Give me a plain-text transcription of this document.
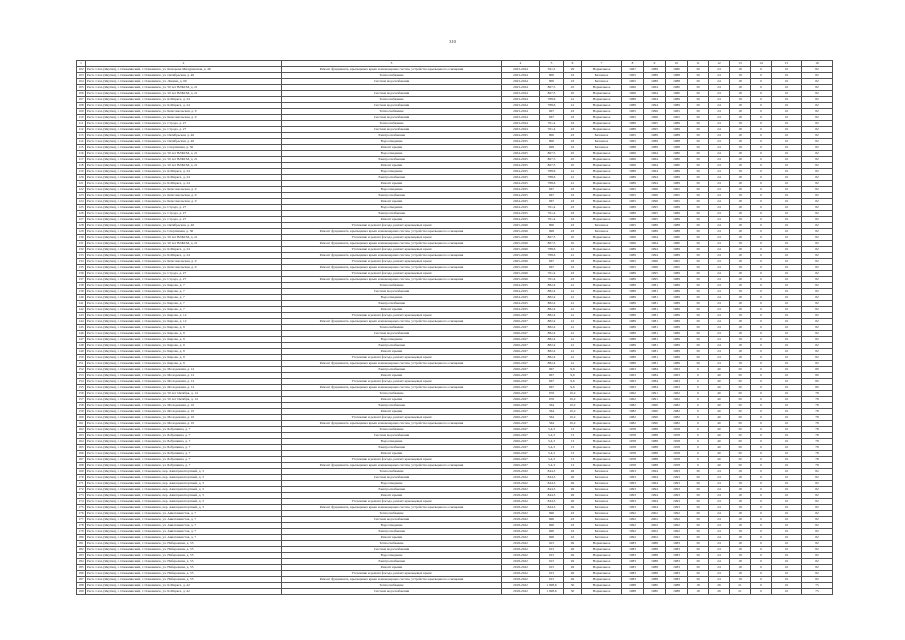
310
1	2	3	4	5	6	7	8	9	10	11	12	13	14	15	16
102	Респ. Саха (Якутия), г. Олекминский, г. Олекминск, ул. Комарова-Мичуринская, д. 49	Ремонт фундамента, крыльцевых крыш и инженерных систем, устройство крыльцевого освещения	2023-2024	591,5	29	Нормальное	1967	1989	1980	30	24	18	0	10	82
103	Респ. Саха (Якутия), г. Олекминский, г. Олекминск, ул. Октябрьская, д. 46	Теплоснабжение	2023-2024	800	43	Бетонное	1965	1989	1988	30	24	18	0	10	82
104	Респ. Саха (Якутия), г. Олекминский, г. Олекминск, ул. Ленина, д. 60	Система водоснабжения	2023-2024	800	43	Бетонное	1965	1989	1988	30	24	18	0	10	82
105	Респ. Саха (Якутия), г. Олекминский, г. Олекминск, ул. 50 лет ВЛКСМ, д. 21		2023-2024	867,5	45	Нормальное	1966	1964	1980	30	24	18	0	10	82
106	Респ. Саха (Якутия), г. Олекминский, г. Олекминск, ул. 50 лет ВЛКСМ, д. 21	Система водоснабжения	2023-2024	867,5	45	Нормальное	1966	1964	1980	30	24	18	0	10	82
107	Респ. Саха (Якутия), г. Олекминский, г. Олекминск, ул. К.Маркса, д. 24	Теплоснабжение	2023-2024	788,6	41	Нормальное	1989	1994	1989	30	24	18	0	10	82
108	Респ. Саха (Якутия), г. Олекминский, г. Олекминск, ул. К.Маркса, д. 24	Система водоснабжения	2023-2024	788,6	41	Нормальное	1989	1994	1989	30	24	18	0	10	82
109	Респ. Саха (Якутия), г. Олекминский, г. Олекминск, ул. Комсомольская, д. 9	Теплоснабжение	2023-2024	667	43	Нормальное	1965	1996	1965	30	24	18	0	10	82
110	Респ. Саха (Якутия), г. Олекминский, г. Олекминск, ул. Комсомольская, д. 9	Система водоснабжения	2023-2024	667	43	Нормальное	1965	1996	1965	30	24	18	0	10	82
111	Респ. Саха (Якутия), г. Олекминский, г. Олекминск, ул. Строда, д. 27	Теплоснабжение	2023-2024	761,4	43	Нормальное	1989	1995	1989	30	24	18	0	10	82
112	Респ. Саха (Якутия), г. Олекминский, г. Олекминск, ул. Строда, д. 27	Система водоснабжения	2023-2024	761,4	43	Нормальное	1989	1995	1989	30	24	18	0	10	82
113	Респ. Саха (Якутия), г. Олекминский, г. Олекминск, ул. Октябрьская, д. 46	Электроснабжение	2024-2025	800	43	Бетонное	1965	1989	1988	30	24	18	0	10	82
114	Респ. Саха (Якутия), г. Олекминский, г. Олекминск, ул. Октябрьская, д. 46	Водоотведение	2024-2025	800	43	Бетонное	1965	1989	1988	30	24	18	0	10	82
115	Респ. Саха (Якутия), г. Олекминский, г. Олекминск, ул. Спортивная, д. 56	Ремонт крыши	2024-2025	699	43	Бетонное	1988	1989	1988	30	24	18	0	10	82
116	Респ. Саха (Якутия), г. Олекминский, г. Олекминск, ул. 50 лет ВЛКСМ, д. 21	Водоотведение	2024-2025	867,5	45	Нормальное	1966	1964	1980	30	24	18	0	10	82
117	Респ. Саха (Якутия), г. Олекминский, г. Олекминск, ул. 50 лет ВЛКСМ, д. 21	Электроснабжение	2024-2025	867,5	45	Нормальное	1966	1964	1980	30	24	18	0	10	82
118	Респ. Саха (Якутия), г. Олекминский, г. Олекминск, ул. 50 лет ВЛКСМ, д. 21	Ремонт крыши	2024-2025	867,5	45	Нормальное	1966	1964	1980	30	24	18	0	10	82
119	Респ. Саха (Якутия), г. Олекминский, г. Олекминск, ул. К.Маркса, д. 24	Водоотведение	2024-2025	788,6	41	Нормальное	1989	1994	1989	30	24	18	0	10	82
120	Респ. Саха (Якутия), г. Олекминский, г. Олекминск, ул. К.Маркса, д. 24	Электроснабжение	2024-2025	788,6	41	Нормальное	1989	1994	1989	30	24	18	0	10	82
121	Респ. Саха (Якутия), г. Олекминский, г. Олекминск, ул. К.Маркса, д. 24	Ремонт крыши	2024-2025	788,6	41	Нормальное	1989	1994	1989	30	24	18	0	10	82
122	Респ. Саха (Якутия), г. Олекминский, г. Олекминск, ул. Комсомольская, д. 9	Водоотведение	2024-2025	667	43	Нормальное	1965	1996	1965	30	24	18	0	10	82
123	Респ. Саха (Якутия), г. Олекминский, г. Олекминск, ул. Комсомольская, д. 9	Электроснабжение	2024-2025	667	43	Нормальное	1965	1996	1965	30	24	18	0	10	82
124	Респ. Саха (Якутия), г. Олекминский, г. Олекминск, ул. Комсомольская, д. 9	Ремонт крыши	2024-2025	667	43	Нормальное	1965	1996	1965	30	24	18	0	10	82
125	Респ. Саха (Якутия), г. Олекминский, г. Олекминск, ул. Строда, д. 27	Водоотведение	2024-2025	761,4	43	Нормальное	1989	1995	1989	30	24	18	0	10	82
126	Респ. Саха (Якутия), г. Олекминский, г. Олекминск, ул. Строда, д. 27	Электроснабжение	2024-2025	761,4	43	Нормальное	1989	1995	1989	30	24	18	0	10	82
127	Респ. Саха (Якутия), г. Олекминский, г. Олекминск, ул. Строда, д. 27	Ремонт крыши	2024-2025	761,4	43	Нормальное	1989	1995	1989	30	24	18	0	10	82
128	Респ. Саха (Якутия), г. Олекминский, г. Олекминск, ул. Октябрьская, д. 46	Утепление и ремонт фасада, ремонт крыльцевых крыш	2025-2026	800	43	Бетонное	1965	1989	1988	30	24	18	0	10	82
129	Респ. Саха (Якутия), г. Олекминский, г. Олекминск, ул. Спортивная, д. 56	Ремонт фундамента, крыльцевых крыш и инженерных систем, устройство крыльцевого освещения	2025-2026	699	43	Бетонное	1988	1989	1988	30	24	18	0	10	82
130	Респ. Саха (Якутия), г. Олекминский, г. Олекминск, ул. 50 лет ВЛКСМ, д. 21	Утепление и ремонт фасада, ремонт крыльцевых крыш	2025-2026	867,5	45	Нормальное	1966	1964	1980	30	24	18	0	10	82
131	Респ. Саха (Якутия), г. Олекминский, г. Олекминск, ул. 50 лет ВЛКСМ, д. 21	Ремонт фундамента, крыльцевых крыш и инженерных систем, устройство крыльцевого освещения	2025-2026	867,5	45	Нормальное	1966	1964	1980	30	24	18	0	10	82
132	Респ. Саха (Якутия), г. Олекминский, г. Олекминск, ул. К.Маркса, д. 24	Утепление и ремонт фасада, ремонт крыльцевых крыш	2025-2026	788,6	41	Нормальное	1989	1994	1989	30	24	18	0	10	82
133	Респ. Саха (Якутия), г. Олекминский, г. Олекминск, ул. К.Маркса, д. 24	Ремонт фундамента, крыльцевых крыш и инженерных систем, устройство крыльцевого освещения	2025-2026	788,6	41	Нормальное	1989	1994	1989	30	24	18	0	10	82
134	Респ. Саха (Якутия), г. Олекминский, г. Олекминск, ул. Комсомольская, д. 9	Утепление и ремонт фасада, ремонт крыльцевых крыш	2025-2026	667	43	Нормальное	1965	1996	1965	30	24	18	0	10	82
135	Респ. Саха (Якутия), г. Олекминский, г. Олекминск, ул. Комсомольская, д. 9	Ремонт фундамента, крыльцевых крыш и инженерных систем, устройство крыльцевого освещения	2025-2026	667	43	Нормальное	1965	1996	1965	30	24	18	0	10	82
136	Респ. Саха (Якутия), г. Олекминский, г. Олекминск, ул. Строда, д. 27	Утепление и ремонт фасада, ремонт крыльцевых крыш	2025-2026	761,4	43	Нормальное	1989	1995	1989	30	24	18	0	10	82
137	Респ. Саха (Якутия), г. Олекминский, г. Олекминск, ул. Строда, д. 27	Ремонт фундамента, крыльцевых крыш и инженерных систем, устройство крыльцевого освещения	2025-2026	761,4	43	Нормальное	1989	1995	1989	30	24	18	0	10	82
138	Респ. Саха (Якутия), г. Олекминский, г. Олекминск, ул. Кирова, д. 7	Теплоснабжение	2024-2025	882,4	41	Нормальное	1989	1981	1989	30	24	18	0	10	82
139	Респ. Саха (Якутия), г. Олекминский, г. Олекминск, ул. Кирова, д. 7	Система водоснабжения	2024-2025	882,4	41	Нормальное	1989	1981	1989	30	24	18	0	10	82
140	Респ. Саха (Якутия), г. Олекминский, г. Олекминск, ул. Кирова, д. 7	Водоотведение	2024-2025	882,4	41	Нормальное	1989	1981	1989	30	24	18	0	10	82
141	Респ. Саха (Якутия), г. Олекминский, г. Олекминск, ул. Кирова, д. 7	Электроснабжение	2024-2025	882,4	41	Нормальное	1989	1981	1989	30	24	18	0	10	82
142	Респ. Саха (Якутия), г. Олекминский, г. Олекминск, ул. Кирова, д. 7	Ремонт крыши	2024-2025	882,4	41	Нормальное	1989	1981	1989	30	24	18	0	10	82
143	Респ. Саха (Якутия), г. Олекминский, г. Олекминск, ул. Кирова, д. 12	Утепление и ремонт фасада, ремонт крыльцевых крыш	2026-2027	882,4	41	Нормальное	1989	1981	1989	30	24	18	0	10	82
144	Респ. Саха (Якутия), г. Олекминский, г. Олекминск, ул. Кирова, д. 12	Ремонт фундамента, крыльцевых крыш и инженерных систем, устройство крыльцевого освещения	2026-2027	882,4	41	Нормальное	1989	1981	1989	30	24	18	0	10	82
145	Респ. Саха (Якутия), г. Олекминский, г. Олекминск, ул. Кирова, д. 9	Теплоснабжение	2026-2027	882,4	41	Нормальное	1989	1981	1989	30	24	18	0	10	82
146	Респ. Саха (Якутия), г. Олекминский, г. Олекминск, ул. Кирова, д. 9	Система водоснабжения	2026-2027	882,4	41	Нормальное	1989	1981	1989	30	24	18	0	10	82
147	Респ. Саха (Якутия), г. Олекминский, г. Олекминск, ул. Кирова, д. 9	Водоотведение	2026-2027	882,4	41	Нормальное	1989	1981	1989	30	24	18	0	10	82
148	Респ. Саха (Якутия), г. Олекминский, г. Олекминск, ул. Кирова, д. 9	Электроснабжение	2026-2027	882,4	41	Нормальное	1989	1981	1989	30	24	18	0	10	82
149	Респ. Саха (Якутия), г. Олекминский, г. Олекминск, ул. Кирова, д. 9	Ремонт крыши	2026-2027	882,4	41	Нормальное	1989	1981	1989	30	24	18	0	10	82
150	Респ. Саха (Якутия), г. Олекминский, г. Олекминск, ул. Кирова, д. 9	Утепление и ремонт фасада, ремонт крыльцевых крыш	2026-2027	882,4	41	Нормальное	1989	1981	1989	30	24	18	0	10	82
151	Респ. Саха (Якутия), г. Олекминский, г. Олекминск, ул. Кирова, д. 9	Ремонт фундамента, крыльцевых крыш и инженерных систем, устройство крыльцевого освещения	2026-2027	882,4	41	Нормальное	1989	1981	1989	30	24	18	0	10	82
152	Респ. Саха (Якутия), г. Олекминский, г. Олекминск, ул. Молодежная, д. 12	Электроснабжение	2026-2027	667	9,6	Нормальное	1963	1984	1963	0	40	30	0	10	80
153	Респ. Саха (Якутия), г. Олекминский, г. Олекминск, ул. Молодежная, д. 12	Ремонт крыши	2026-2027	667	9,6	Нормальное	1963	1984	1963	0	40	30	0	10	80
154	Респ. Саха (Якутия), г. Олекминский, г. Олекминск, ул. Молодежная, д. 12	Утепление и ремонт фасада, ремонт крыльцевых крыш	2026-2027	667	9,6	Нормальное	1963	1984	1963	0	40	30	0	10	80
155	Респ. Саха (Якутия), г. Олекминский, г. Олекминск, ул. Молодежная, д. 12	Ремонт фундамента, крыльцевых крыш и инженерных систем, устройство крыльцевого освещения	2026-2027	667	9,6	Нормальное	1963	1984	1963	0	40	30	0	10	80
156	Респ. Саха (Якутия), г. Олекминский, г. Олекминск, ул. 50 лет Октября, д. 14	Теплоснабжение	2026-2027	676	10,2	Нормальное	1962	1991	1962	0	40	30	0	10	78
157	Респ. Саха (Якутия), г. Олекминский, г. Олекминск, ул. 50 лет Октября, д. 14	Ремонт крыши	2026-2027	676	10,2	Нормальное	1962	1991	1962	0	40	30	0	10	78
158	Респ. Саха (Якутия), г. Олекминский, г. Олекминск, ул. Молодежная, д. 10	Электроснабжение	2026-2027	564	10,2	Нормальное	1982	1990	1982	0	40	30	0	10	78
159	Респ. Саха (Якутия), г. Олекминский, г. Олекминск, ул. Молодежная, д. 10	Ремонт крыши	2026-2027	564	10,2	Нормальное	1982	1990	1982	0	40	30	0	10	78
160	Респ. Саха (Якутия), г. Олекминский, г. Олекминск, ул. Молодежная, д. 10	Утепление и ремонт фасада, ремонт крыльцевых крыш	2026-2027	564	10,2	Нормальное	1982	1990	1982	0	40	30	0	10	78
161	Респ. Саха (Якутия), г. Олекминский, г. Олекминск, ул. Молодежная, д. 10	Ремонт фундамента, крыльцевых крыш и инженерных систем, устройство крыльцевого освещения	2026-2027	564	10,2	Нормальное	1982	1990	1982	0	40	30	0	10	78
162	Респ. Саха (Якутия), г. Олекминский, г. Олекминск, ул. Бабушкина, д. 7	Теплоснабжение	2026-2027	5,4,3	13	Нормальное	1958	1988	1958	0	40	30	0	10	78
163	Респ. Саха (Якутия), г. Олекминский, г. Олекминск, ул. Бабушкина, д. 7	Система водоснабжения	2026-2027	5,4,3	13	Нормальное	1958	1988	1958	0	40	30	0	10	78
164	Респ. Саха (Якутия), г. Олекминский, г. Олекминск, ул. Бабушкина, д. 7	Водоотведение	2026-2027	5,4,3	13	Нормальное	1958	1988	1958	0	40	30	0	10	78
165	Респ. Саха (Якутия), г. Олекминский, г. Олекминск, ул. Бабушкина, д. 7	Электроснабжение	2026-2027	5,4,3	13	Нормальное	1958	1988	1958	0	40	30	0	10	78
166	Респ. Саха (Якутия), г. Олекминский, г. Олекминск, ул. Бабушкина, д. 7	Ремонт крыши	2026-2027	5,4,3	13	Нормальное	1958	1988	1958	0	40	30	0	10	78
167	Респ. Саха (Якутия), г. Олекминский, г. Олекминск, ул. Бабушкина, д. 7	Утепление и ремонт фасада, ремонт крыльцевых крыш	2026-2027	5,4,3	13	Нормальное	1958	1988	1958	0	40	30	0	10	78
168	Респ. Саха (Якутия), г. Олекминский, г. Олекминск, ул. Бабушкина, д. 7	Ремонт фундамента, крыльцевых крыш и инженерных систем, устройство крыльцевого освещения	2026-2027	5,4,3	13	Нормальное	1958	1988	1958	0	40	30	0	10	78
169	Респ. Саха (Якутия), г. Олекминский, г. Олекминск, пер. Авиатранспортный, д. 3	Теплоснабжение	2018-2022	844,3	49	Бетонное	1993	1994	1993	30	24	18	0	10	82
170	Респ. Саха (Якутия), г. Олекминский, г. Олекминск, пер. Авиатранспортный, д. 3	Система водоснабжения	2018-2022	844,3	49	Бетонное	1993	1994	1993	30	24	18	0	10	82
171	Респ. Саха (Якутия), г. Олекминский, г. Олекминск, пер. Авиатранспортный, д. 3	Водоотведение	2018-2022	844,3	49	Бетонное	1993	1994	1993	30	24	18	0	10	82
172	Респ. Саха (Якутия), г. Олекминский, г. Олекминск, пер. Авиатранспортный, д. 3	Электроснабжение	2018-2022	844,3	49	Бетонное	1993	1994	1993	30	24	18	0	10	82
173	Респ. Саха (Якутия), г. Олекминский, г. Олекминск, пер. Авиатранспортный, д. 3	Ремонт крыши	2018-2022	844,3	49	Бетонное	1993	1994	1993	30	24	18	0	10	82
174	Респ. Саха (Якутия), г. Олекминский, г. Олекминск, пер. Авиатранспортный, д. 3	Утепление и ремонт фасада, ремонт крыльцевых крыш	2018-2022	844,3	49	Бетонное	1993	1994	1993	30	24	18	0	10	82
175	Респ. Саха (Якутия), г. Олекминский, г. Олекминск, пер. Авиатранспортный, д. 3	Ремонт фундамента, крыльцевых крыш и инженерных систем, устройство крыльцевого освещения	2018-2022	844,3	49	Бетонное	1993	1994	1993	30	24	18	0	10	82
176	Респ. Саха (Якутия), г. Олекминский, г. Олекминск, ул. Авиатанкистов, д. 7	Теплоснабжение	2018-2022	690	43	Бетонное	1992	2002	1992	30	24	18	0	10	82
177	Респ. Саха (Якутия), г. Олекминский, г. Олекминск, ул. Авиатанкистов, д. 7	Система водоснабжения	2018-2022	690	43	Бетонное	1992	2002	1992	30	24	18	0	10	82
178	Респ. Саха (Якутия), г. Олекминский, г. Олекминск, ул. Авиатанкистов, д. 7	Водоотведение	2018-2022	690	43	Бетонное	1992	2002	1992	30	24	18	0	10	82
179	Респ. Саха (Якутия), г. Олекминский, г. Олекминск, ул. Авиатанкистов, д. 7	Электроснабжение	2018-2022	690	43	Бетонное	1992	2002	1992	30	24	18	0	10	82
180	Респ. Саха (Якутия), г. Олекминский, г. Олекминск, ул. Авиатанкистов, д. 7	Ремонт крыши	2018-2022	690	43	Бетонное	1992	2002	1992	30	24	18	0	10	82
181	Респ. Саха (Якутия), г. Олекминский, г. Олекминск, ул. Набережная, д. 55	Теплоснабжение	2018-2022	915	49	Нормальное	1983	1988	1983	30	24	18	0	10	82
182	Респ. Саха (Якутия), г. Олекминский, г. Олекминск, ул. Набережная, д. 55	Система водоснабжения	2018-2022	915	49	Нормальное	1983	1988	1983	30	24	18	0	10	82
183	Респ. Саха (Якутия), г. Олекминский, г. Олекминск, ул. Набережная, д. 55	Водоотведение	2018-2022	915	49	Нормальное	1983	1988	1983	30	24	18	0	10	82
184	Респ. Саха (Якутия), г. Олекминский, г. Олекминск, ул. Набережная, д. 55	Электроснабжение	2018-2022	915	49	Нормальное	1983	1988	1983	30	24	18	0	10	82
185	Респ. Саха (Якутия), г. Олекминский, г. Олекминск, ул. Набережная, д. 55	Ремонт крыши	2018-2022	915	49	Нормальное	1983	1988	1983	30	24	18	0	10	82
186	Респ. Саха (Якутия), г. Олекминский, г. Олекминск, ул. Набережная, д. 55	Утепление и ремонт фасада, ремонт крыльцевых крыш	2018-2022	915	49	Нормальное	1983	1988	1983	30	24	18	0	10	82
187	Респ. Саха (Якутия), г. Олекминский, г. Олекминск, ул. Набережная, д. 55	Ремонт фундамента, крыльцевых крыш и инженерных систем, устройство крыльцевого освещения	2018-2022	915	49	Нормальное	1983	1988	1983	30	24	18	0	10	82
188	Респ. Саха (Якутия), г. Олекминский, г. Олекминск, ул. К.Маркса, д. 42	Теплоснабжение	2018-2022	1 098,6	30	Нормальное	1988	1980	1988	18	26	21	0	10	75
189	Респ. Саха (Якутия), г. Олекминский, г. Олекминск, ул. К.Маркса, д. 42	Система водоснабжения	2018-2022	1 098,6	30	Нормальное	1988	1980	1988	18	26	21	0	10	75
